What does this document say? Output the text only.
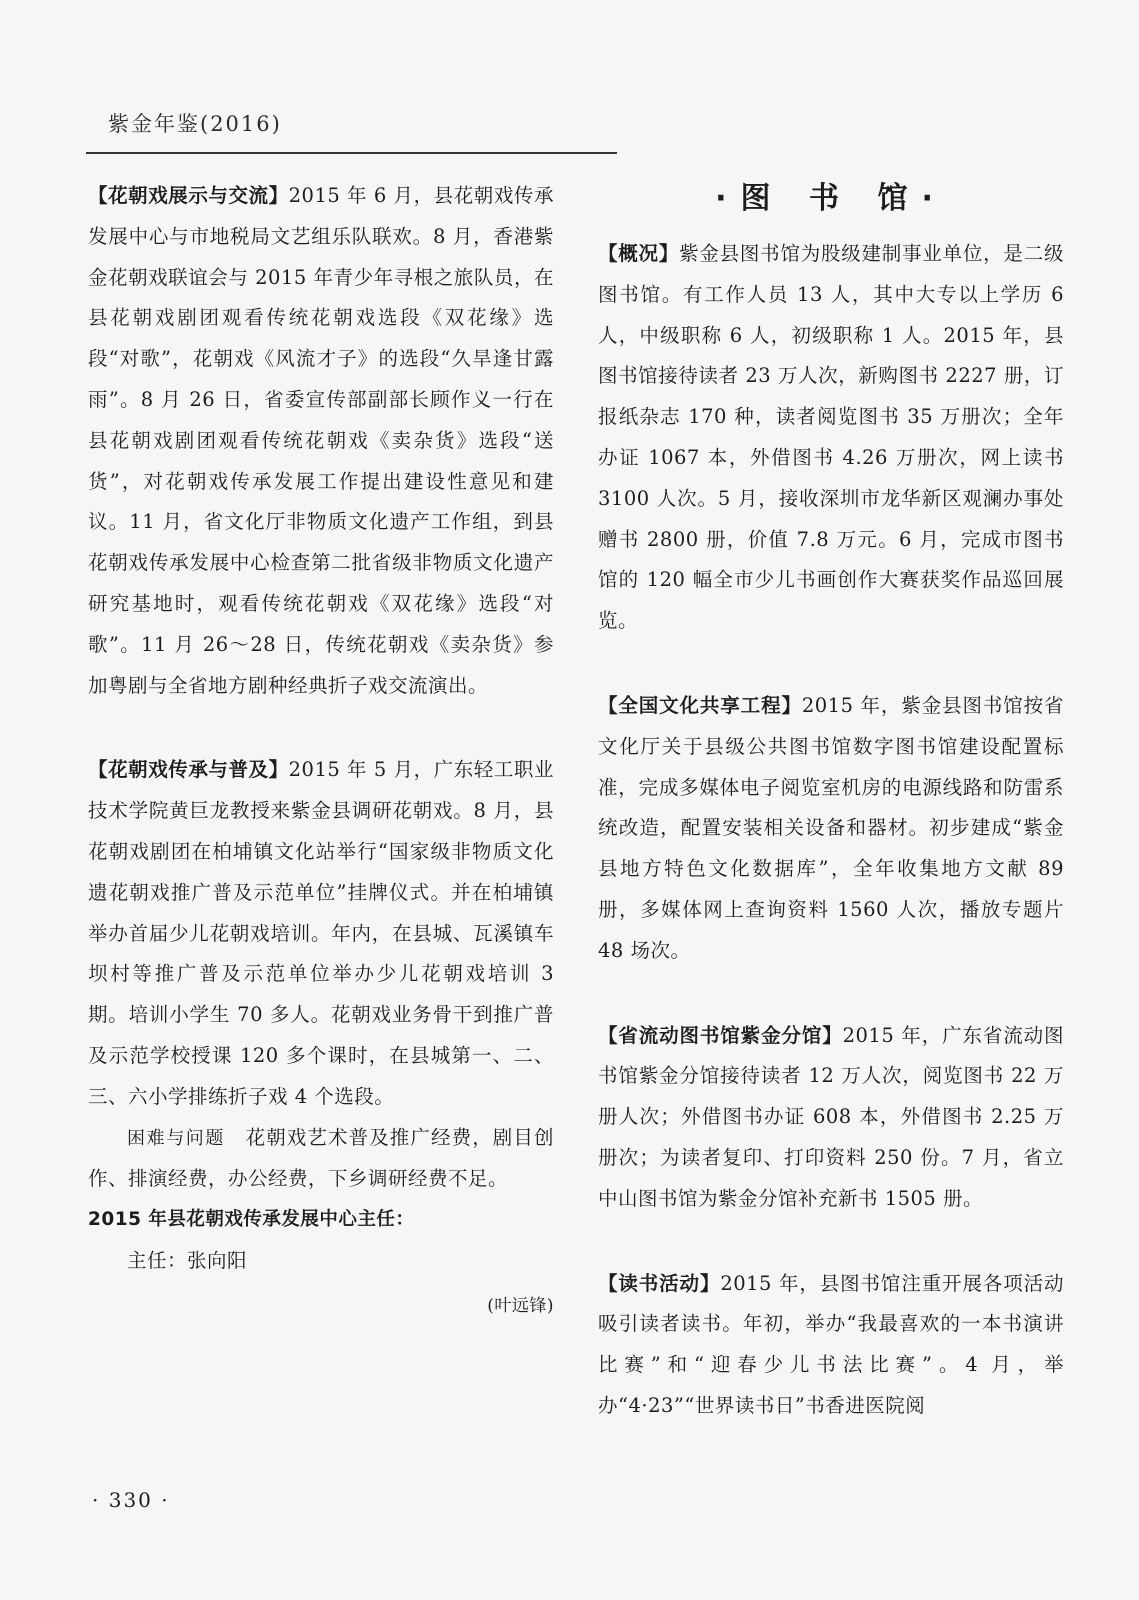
紫金年鉴(2016)

【花朝戏展示与交流】2015 年 6 月，县花朝戏传承发展中心与市地税局文艺组乐队联欢。8 月，香港紫金花朝戏联谊会与 2015 年青少年寻根之旅队员，在县花朝戏剧团观看传统花朝戏选段《双花缘》选段“对歌”，花朝戏《风流才子》的选段“久旱逢甘露雨”。8 月 26 日，省委宣传部副部长顾作义一行在县花朝戏剧团观看传统花朝戏《卖杂货》选段“送货”，对花朝戏传承发展工作提出建设性意见和建议。11 月，省文化厅非物质文化遗产工作组，到县花朝戏传承发展中心检查第二批省级非物质文化遗产研究基地时，观看传统花朝戏《双花缘》选段“对歌”。11 月 26～28 日，传统花朝戏《卖杂货》参加粤剧与全省地方剧种经典折子戏交流演出。

【花朝戏传承与普及】2015 年 5 月，广东轻工职业技术学院黄巨龙教授来紫金县调研花朝戏。8 月，县花朝戏剧团在柏埔镇文化站举行“国家级非物质文化遗花朝戏推广普及示范单位”挂牌仪式。并在柏埔镇举办首届少儿花朝戏培训。年内，在县城、瓦溪镇车坝村等推广普及示范单位举办少儿花朝戏培训 3 期。培训小学生 70 多人。花朝戏业务骨干到推广普及示范学校授课 120 多个课时，在县城第一、二、三、六小学排练折子戏 4 个选段。

困难与问题　 花朝戏艺术普及推广经费，剧目创作、排演经费，办公经费，下乡调研经费不足。

2015 年县花朝戏传承发展中心主任：

主任：张向阳

(叶远锋)

·图 书 馆·

【概况】紫金县图书馆为股级建制事业单位，是二级图书馆。有工作人员 13 人，其中大专以上学历 6 人，中级职称 6 人，初级职称 1 人。2015 年，县图书馆接待读者 23 万人次，新购图书 2227 册，订报纸杂志 170 种，读者阅览图书 35 万册次；全年办证 1067 本，外借图书 4.26 万册次，网上读书 3100 人次。5 月，接收深圳市龙华新区观澜办事处赠书 2800 册，价值 7.8 万元。6 月，完成市图书馆的 120 幅全市少儿书画创作大赛获奖作品巡回展览。

【全国文化共享工程】2015 年，紫金县图书馆按省文化厅关于县级公共图书馆数字图书馆建设配置标准，完成多媒体电子阅览室机房的电源线路和防雷系统改造，配置安装相关设备和器材。初步建成“紫金县地方特色文化数据库”，全年收集地方文献 89 册，多媒体网上查询资料 1560 人次，播放专题片 48 场次。

【省流动图书馆紫金分馆】2015 年，广东省流动图书馆紫金分馆接待读者 12 万人次，阅览图书 22 万册人次；外借图书办证 608 本，外借图书 2.25 万册次；为读者复印、打印资料 250 份。7 月，省立中山图书馆为紫金分馆补充新书 1505 册。

【读书活动】2015 年，县图书馆注重开展各项活动吸引读者读书。年初，举办“我最喜欢的一本书演讲比赛”和“迎春少儿书法比赛”。4 月，举办“4·23”“世界读书日”书香进医院阅

· 330 ·
